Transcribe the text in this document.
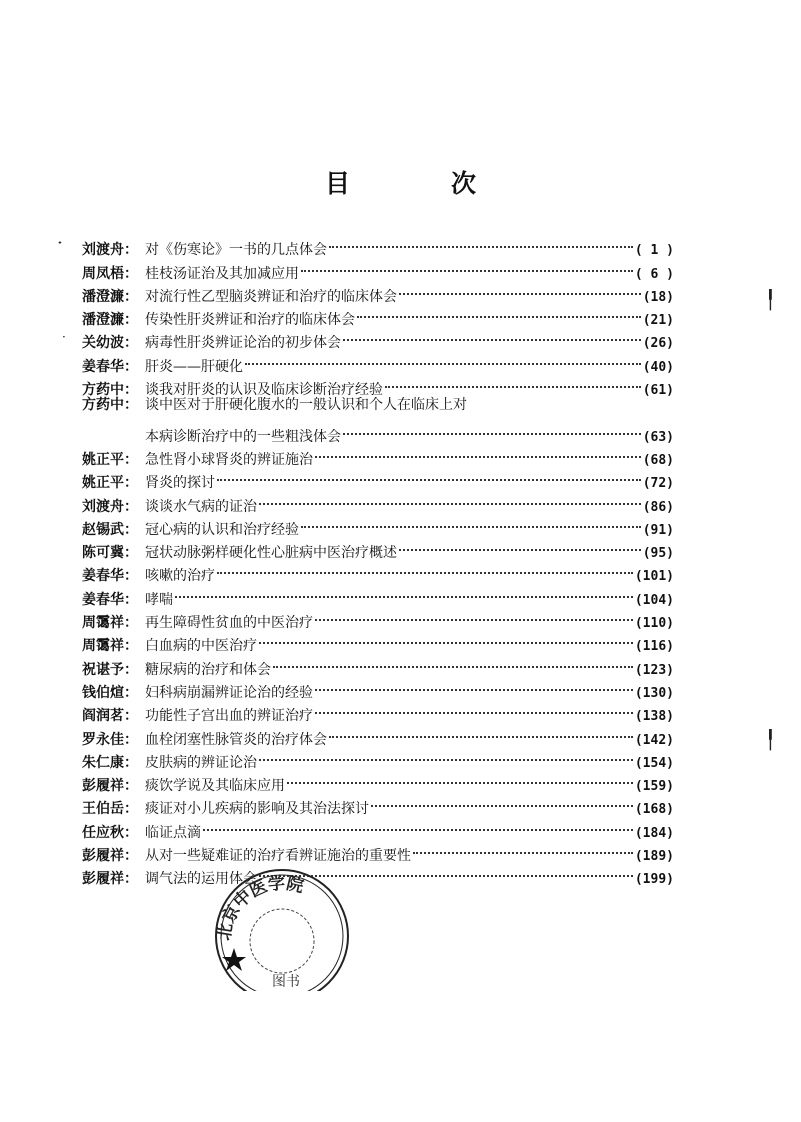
目　次
刘渡舟： 对《伤寒论》一书的几点体会	( 1 )
周凤梧： 桂枝汤证治及其加减应用	( 6 )
潘澄濂： 对流行性乙型脑炎辨证和治疗的临床体会	(18)
潘澄濂： 传染性肝炎辨证和治疗的临床体会	(21)
关幼波： 病毒性肝炎辨证论治的初步体会	(26)
姜春华： 肝炎——肝硬化	(40)
方药中： 谈我对肝炎的认识及临床诊断治疗经验	(61)
方药中： 谈中医对于肝硬化腹水的一般认识和个人在临床上对
本病诊断治疗中的一些粗浅体会	(63)
姚正平： 急性肾小球肾炎的辨证施治	(68)
姚正平： 肾炎的探讨	(72)
刘渡舟： 谈谈水气病的证治	(86)
赵锡武： 冠心病的认识和治疗经验	(91)
陈可冀： 冠状动脉粥样硬化性心脏病中医治疗概述	(95)
姜春华： 咳嗽的治疗	(101)
姜春华： 哮喘	(104)
周霭祥： 再生障碍性贫血的中医治疗	(110)
周霭祥： 白血病的中医治疗	(116)
祝谌予： 糖尿病的治疗和体会	(123)
钱伯煊： 妇科病崩漏辨证论治的经验	(130)
阎润茗： 功能性子宫出血的辨证治疗	(138)
罗永佳： 血栓闭塞性脉管炎的治疗体会	(142)
朱仁康： 皮肤病的辨证论治	(154)
彭履祥： 痰饮学说及其临床应用	(159)
王伯岳： 痰证对小儿疾病的影响及其治法探讨	(168)
任应秋： 临证点滴	(184)
彭履祥： 从对一些疑难证的治疗看辨证施治的重要性	(189)
彭履祥： 调气法的运用体会	(199)
˖
·
╿
╿
北京中医学院
图书
